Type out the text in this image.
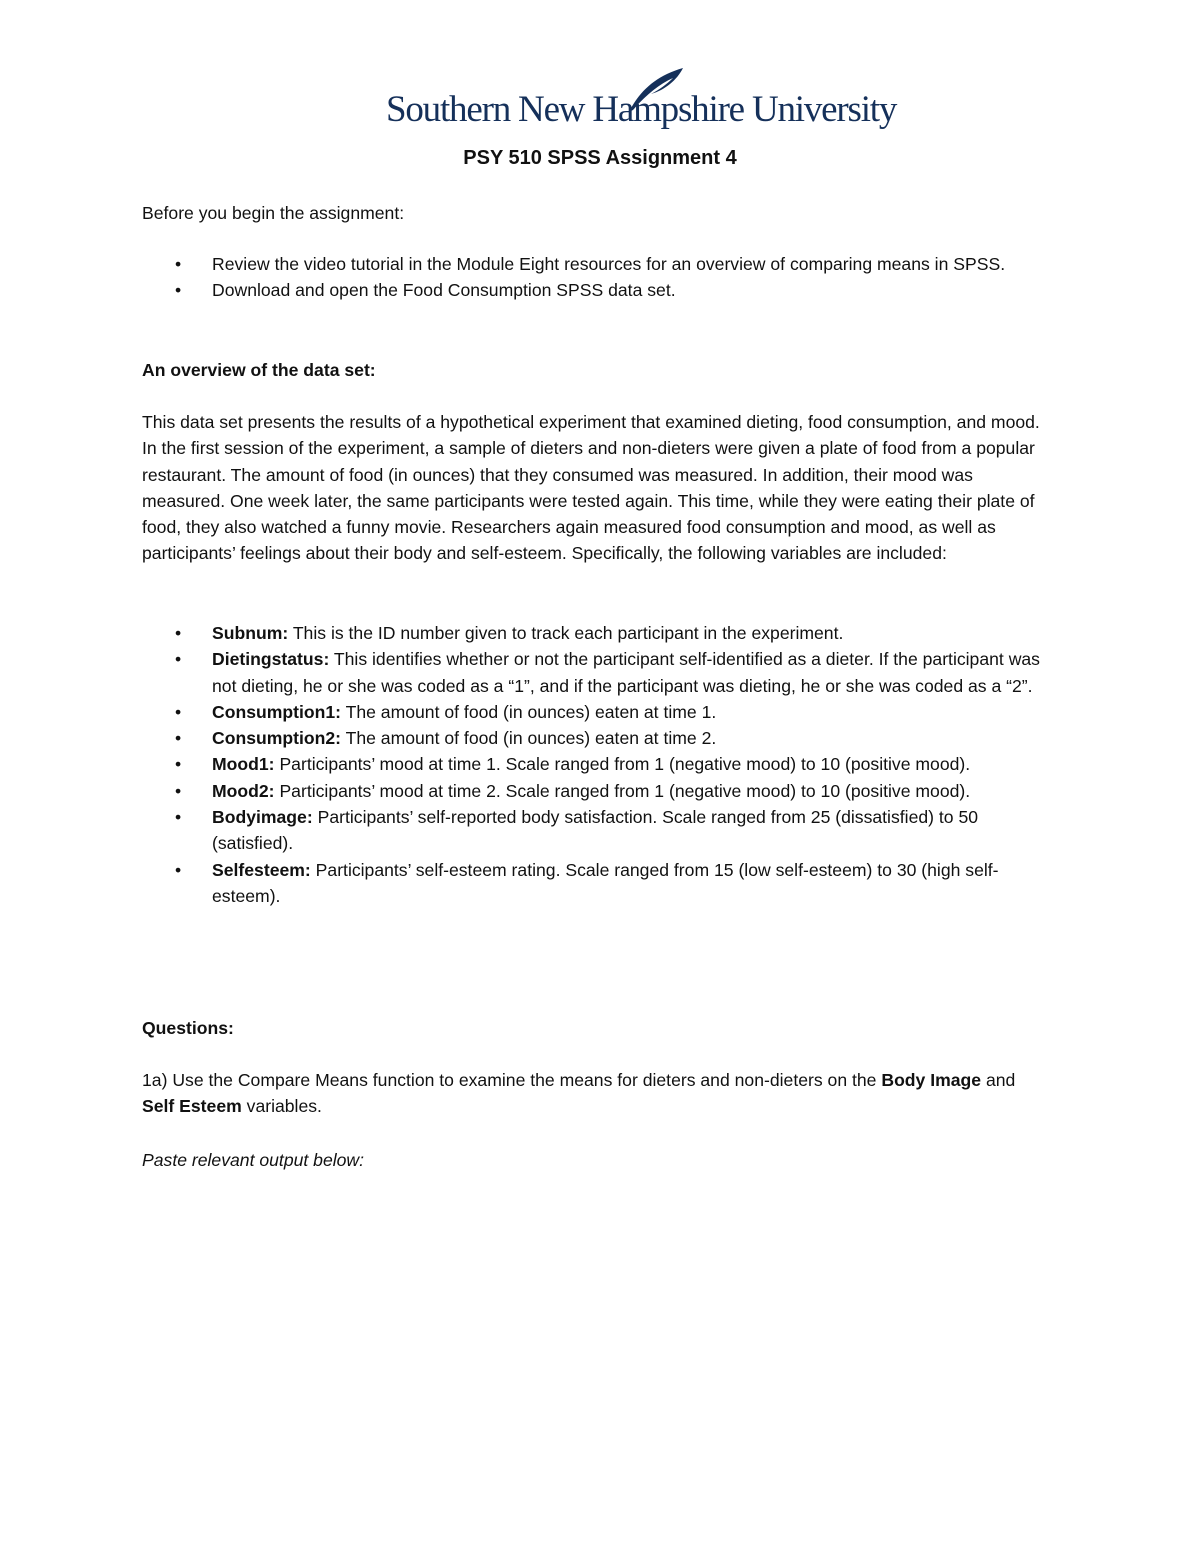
Southern New Hampshire University
PSY 510 SPSS Assignment 4

Before you begin the assignment:

• Review the video tutorial in the Module Eight resources for an overview of comparing means in SPSS.
• Download and open the Food Consumption SPSS data set.

An overview of the data set:

This data set presents the results of a hypothetical experiment that examined dieting, food consumption, and mood. In the first session of the experiment, a sample of dieters and non-dieters were given a plate of food from a popular restaurant. The amount of food (in ounces) that they consumed was measured. In addition, their mood was measured. One week later, the same participants were tested again. This time, while they were eating their plate of food, they also watched a funny movie. Researchers again measured food consumption and mood, as well as participants’ feelings about their body and self-esteem. Specifically, the following variables are included:

• Subnum: This is the ID number given to track each participant in the experiment.
• Dietingstatus: This identifies whether or not the participant self-identified as a dieter. If the participant was not dieting, he or she was coded as a “1”, and if the participant was dieting, he or she was coded as a “2”.
• Consumption1: The amount of food (in ounces) eaten at time 1.
• Consumption2: The amount of food (in ounces) eaten at time 2.
• Mood1: Participants’ mood at time 1. Scale ranged from 1 (negative mood) to 10 (positive mood).
• Mood2: Participants’ mood at time 2. Scale ranged from 1 (negative mood) to 10 (positive mood).
• Bodyimage: Participants’ self-reported body satisfaction. Scale ranged from 25 (dissatisfied) to 50 (satisfied).
• Selfesteem: Participants’ self-esteem rating. Scale ranged from 15 (low self-esteem) to 30 (high self-esteem).

Questions:

1a) Use the Compare Means function to examine the means for dieters and non-dieters on the Body Image and Self Esteem variables.

Paste relevant output below:
